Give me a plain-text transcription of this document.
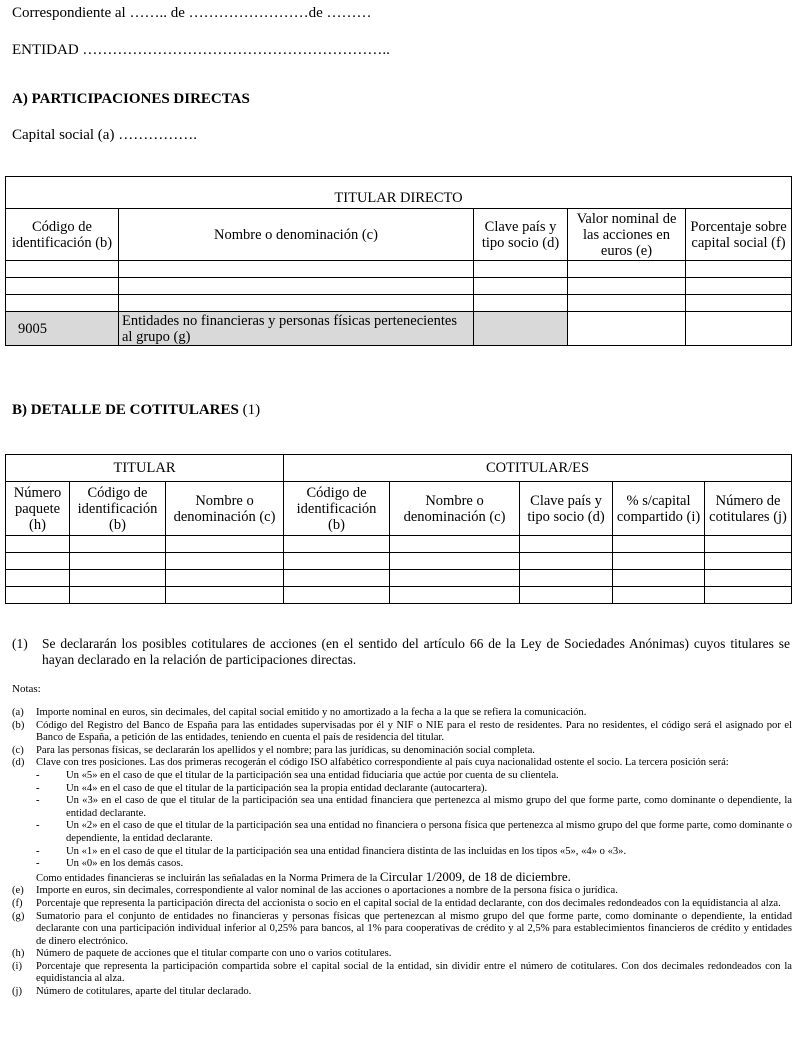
Correspondiente al …….. de ……………………de ………
ENTIDAD ……………………………………………………..
A) PARTICIPACIONES DIRECTAS
Capital social (a) …………….
TITULAR DIRECTO				
Código de identificación (b)	Nombre o denominación (c)	Clave país y tipo socio (d)	Valor nominal de las acciones en euros (e)	Porcentaje sobre capital social (f)

9005	Entidades no financieras y personas físicas pertenecientes al grupo (g)			
B) DETALLE DE COTITULARES (1)
TITULAR			COTITULAR/ES				
Número paquete (h)	Código de identificación (b)	Nombre o denominación (c)	Código de identificación (b)	Nombre o denominación (c)	Clave país y tipo socio (d)	% s/capital compartido (i)	Número de cotitulares (j)

(1) Se declararán los posibles cotitulares de acciones (en el sentido del artículo 66 de la Ley de Sociedades Anónimas) cuyos titulares se hayan declarado en la relación de participaciones directas.
Notas:
(a) Importe nominal en euros, sin decimales, del capital social emitido y no amortizado a la fecha a la que se refiera la comunicación.
(b) Código del Registro del Banco de España para las entidades supervisadas por él y NIF o NIE para el resto de residentes. Para no residentes, el código será el asignado por el Banco de España, a petición de las entidades, teniendo en cuenta el país de residencia del titular.
(c) Para las personas físicas, se declararán los apellidos y el nombre; para las jurídicas, su denominación social completa.
(d) Clave con tres posiciones. Las dos primeras recogerán el código ISO alfabético correspondiente al país cuya nacionalidad ostente el socio. La tercera posición será:
- Un «5» en el caso de que el titular de la participación sea una entidad fiduciaria que actúe por cuenta de su clientela.
- Un «4» en el caso de que el titular de la participación sea la propia entidad declarante (autocartera).
- Un «3» en el caso de que el titular de la participación sea una entidad financiera que pertenezca al mismo grupo del que forme parte, como dominante o dependiente, la entidad declarante.
- Un «2» en el caso de que el titular de la participación sea una entidad no financiera o persona física que pertenezca al mismo grupo del que forme parte, como dominante o dependiente, la entidad declarante.
- Un «1» en el caso de que el titular de la participación sea una entidad financiera distinta de las incluidas en los tipos «5», «4» o «3».
- Un «0» en los demás casos.
Como entidades financieras se incluirán las señaladas en la Norma Primera de la Circular 1/2009, de 18 de diciembre.
(e) Importe en euros, sin decimales, correspondiente al valor nominal de las acciones o aportaciones a nombre de la persona física o jurídica.
(f) Porcentaje que representa la participación directa del accionista o socio en el capital social de la entidad declarante, con dos decimales redondeados con la equidistancia al alza.
(g) Sumatorio para el conjunto de entidades no financieras y personas físicas que pertenezcan al mismo grupo del que forme parte, como dominante o dependiente, la entidad declarante con una participación individual inferior al 0,25% para bancos, al 1% para cooperativas de crédito y al 2,5% para establecimientos financieros de crédito y entidades de dinero electrónico.
(h) Número de paquete de acciones que el titular comparte con uno o varios cotitulares.
(i) Porcentaje que representa la participación compartida sobre el capital social de la entidad, sin dividir entre el número de cotitulares. Con dos decimales redondeados con la equidistancia al alza.
(j) Número de cotitulares, aparte del titular declarado.
